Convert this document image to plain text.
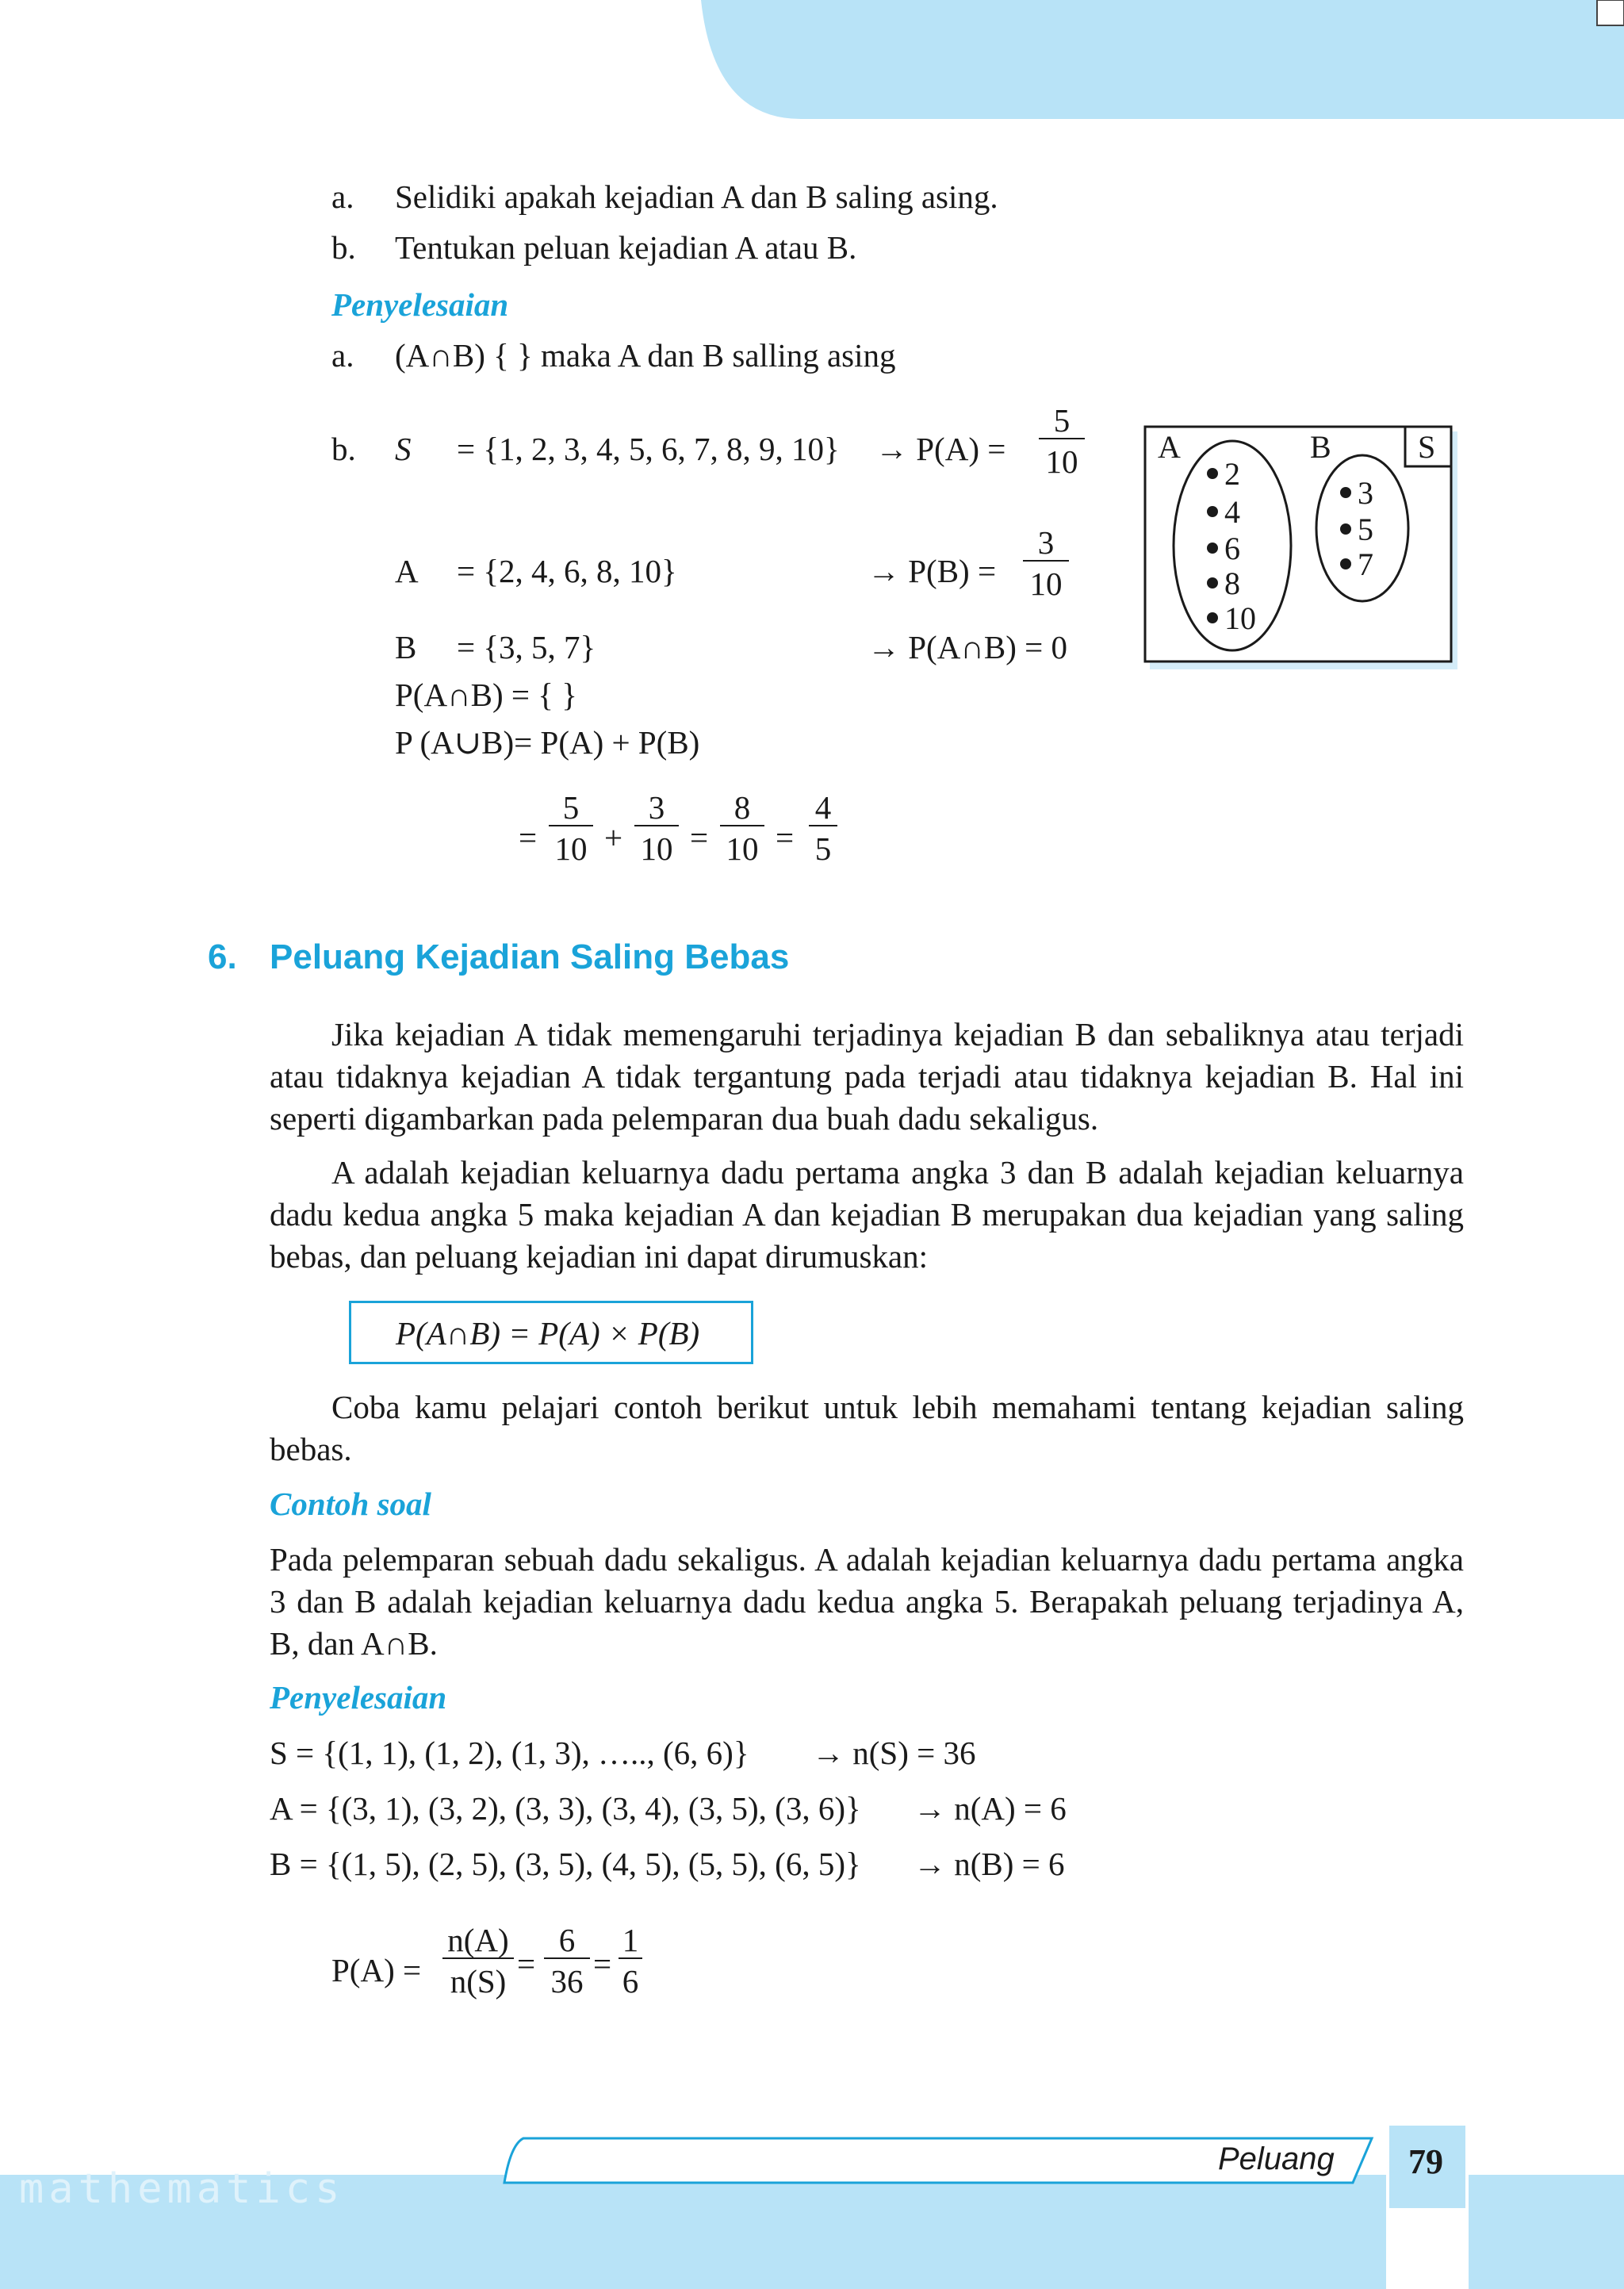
a. Selidiki apakah kejadian A dan B saling asing.
b. Tentukan peluan kejadian A atau B.
Penyelesaian
a. (A∩B) { } maka A dan B salling asing
b. S = {1, 2, 3, 4, 5, 6, 7, 8, 9, $10\} \to P(A) = \frac{5}{10}$
A = {2, 4, 6, 8, 10}	→ $P(B) = \frac{3}{10}$
B = {3, 5, 7}	→ P(A∩B) = 0
P(A∩B) = { }
P (A∪B)= P(A) + P(B)
= $\frac{5}{10} + \frac{3}{10} = \frac{8}{10} = \frac{4}{5}$
A	B	S
2
4
6
8
10
3
5
7
6. Peluang Kejadian Saling Bebas
Jika kejadian A tidak memengaruhi terjadinya kejadian B dan sebaliknya atau terjadi atau tidaknya kejadian A tidak tergantung pada terjadi atau tidaknya kejadian B. Hal ini seperti digambarkan pada pelemparan dua buah dadu sekaligus.
A adalah kejadian keluarnya dadu pertama angka 3 dan B adalah kejadian keluarnya dadu kedua angka 5 maka kejadian A dan kejadian B merupakan dua kejadian yang saling bebas, dan peluang kejadian ini dapat dirumuskan:
P(A∩B) = P(A) × P(B)
Coba kamu pelajari contoh berikut untuk lebih memahami tentang kejadian saling bebas.
Contoh soal
Pada pelemparan sebuah dadu sekaligus. A adalah kejadian keluarnya dadu pertama angka 3 dan B adalah kejadian keluarnya dadu kedua angka 5. Berapakah peluang terjadinya A, B, dan A∩B.
Penyelesaian
S = {(1, 1), (1, 2), (1, 3), ….., (6, 6)} → n(S) = 36
A = {(3, 1), (3, 2), (3, 3), (3, 4), (3, 5), (3, 6)} → n(A) = 6
B = {(1, 5), (2, 5), (3, 5), (4, 5), (5, 5), (6, 5)} → n(B) = 6
$P(A) = \frac{n(A)}{n(S)} = \frac{6}{36} = \frac{1}{6}$
mathematics
Peluang 79
